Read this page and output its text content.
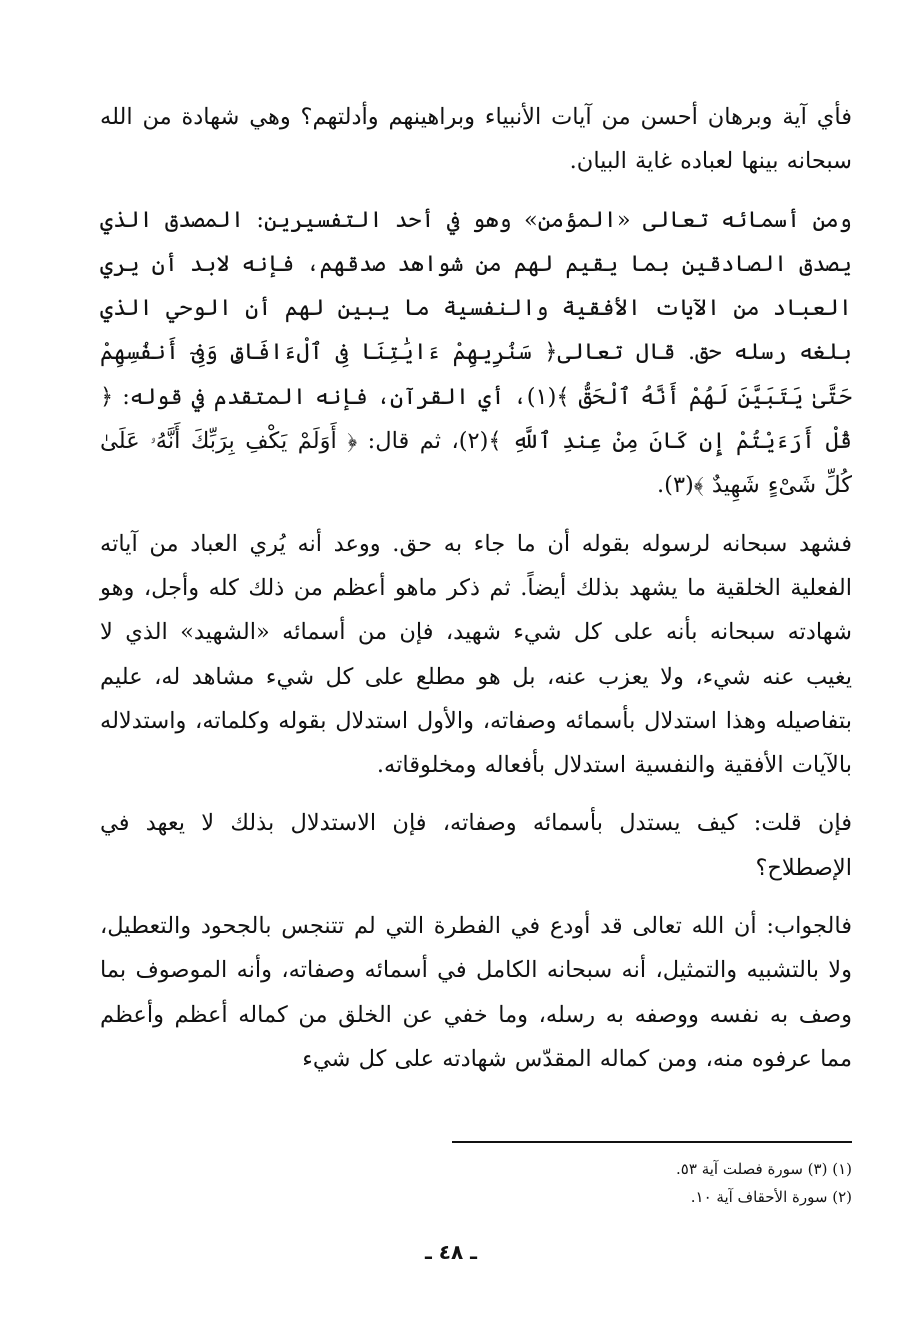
فأي آية وبرهان أحسن من آيات الأنبياء وبراهينهم وأدلتهم؟ وهي شهادة من الله سبحانه بينها لعباده غاية البيان.

ومن أسمائه تعالى «المؤمن» وهو في أحد التفسيرين: المصدق الذي يصدق الصادقين بما يقيم لهم من شواهد صدقهم، فإنه لابد أن يري العباد من الآيات الأفقية والنفسية ما يبين لهم أن الوحي الذي بلغه رسله حق. قال تعالى﴿ سَنُرِيهِمْ ءَايَٰتِنَا فِى ٱلْءَافَاقِ وَفِىٓ أَنفُسِهِمْ حَتَّىٰ يَتَبَيَّنَ لَهُمْ أَنَّهُ ٱلْحَقُّ ﴾(١)، أي القرآن، فإنه المتقدم في قوله: ﴿ قُلْ أَرَءَيْتُمْ إِن كَانَ مِنْ عِندِ ٱللَّهِ ﴾(٢)، ثم قال: ﴿ أَوَلَمْ يَكْفِ بِرَبِّكَ أَنَّهُۥ عَلَىٰ كُلِّ شَىْءٍ شَهِيدٌ ﴾(٣).

فشهد سبحانه لرسوله بقوله أن ما جاء به حق. ووعد أنه يُري العباد من آياته الفعلية الخلقية ما يشهد بذلك أيضاً. ثم ذكر ماهو أعظم من ذلك كله وأجل، وهو شهادته سبحانه بأنه على كل شيء شهيد، فإن من أسمائه «الشهيد» الذي لا يغيب عنه شيء، ولا يعزب عنه، بل هو مطلع على كل شيء مشاهد له، عليم بتفاصيله وهذا استدلال بأسمائه وصفاته، والأول استدلال بقوله وكلماته، واستدلاله بالآيات الأفقية والنفسية استدلال بأفعاله ومخلوقاته.

فإن قلت: كيف يستدل بأسمائه وصفاته، فإن الاستدلال بذلك لا يعهد في الإصطلاح؟

فالجواب: أن الله تعالى قد أودع في الفطرة التي لم تتنجس بالجحود والتعطيل، ولا بالتشبيه والتمثيل، أنه سبحانه الكامل في أسمائه وصفاته، وأنه الموصوف بما وصف به نفسه ووصفه به رسله، وما خفي عن الخلق من كماله أعظم وأعظم مما عرفوه منه، ومن كماله المقدّس شهادته على كل شيء

(١) (٣) سورة فصلت آية ٥٣.
(٢) سورة الأحقاف آية ١٠.
ـ ٤٨ ـ
